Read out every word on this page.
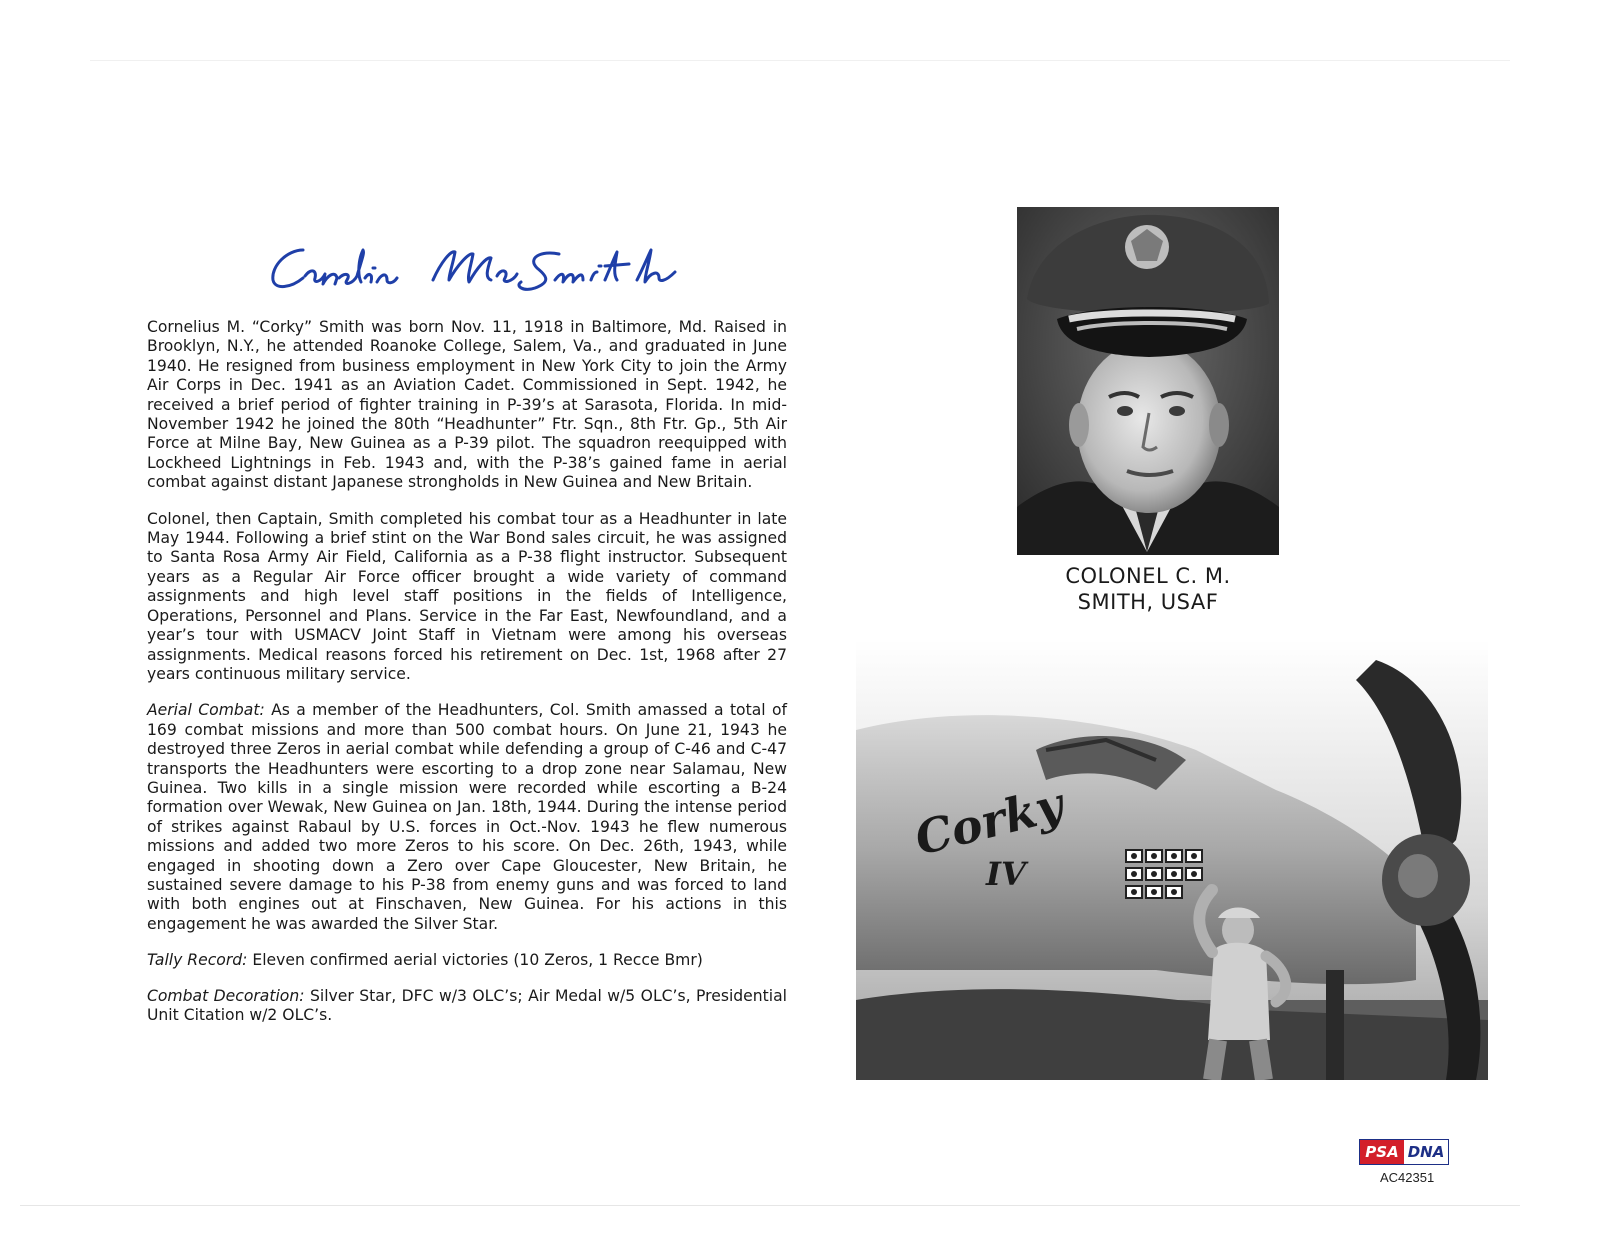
Cornelius M. “Corky” Smith was born Nov. 11, 1918 in Baltimore, Md. Raised in Brooklyn, N.Y., he attended Roanoke College, Salem, Va., and graduated in June 1940. He resigned from business employment in New York City to join the Army Air Corps in Dec. 1941 as an Aviation Cadet. Commissioned in Sept. 1942, he received a brief period of fighter training in P-39’s at Sarasota, Florida. In mid-November 1942 he joined the 80th “Headhunter” Ftr. Sqn., 8th Ftr. Gp., 5th Air Force at Milne Bay, New Guinea as a P-39 pilot. The squadron reequipped with Lockheed Lightnings in Feb. 1943 and, with the P-38’s gained fame in aerial combat against distant Japanese strongholds in New Guinea and New Britain.

Colonel, then Captain, Smith completed his combat tour as a Headhunter in late May 1944. Following a brief stint on the War Bond sales circuit, he was assigned to Santa Rosa Army Air Field, California as a P-38 flight instructor. Subsequent years as a Regular Air Force officer brought a wide variety of command assignments and high level staff positions in the fields of Intelligence, Operations, Personnel and Plans. Service in the Far East, Newfoundland, and a year’s tour with USMACV Joint Staff in Vietnam were among his overseas assignments. Medical reasons forced his retirement on Dec. 1st, 1968 after 27 years continuous military service.

Aerial Combat: As a member of the Headhunters, Col. Smith amassed a total of 169 combat missions and more than 500 combat hours. On June 21, 1943 he destroyed three Zeros in aerial combat while defending a group of C-46 and C-47 transports the Headhunters were escorting to a drop zone near Salamau, New Guinea. Two kills in a single mission were recorded while escorting a B-24 formation over Wewak, New Guinea on Jan. 18th, 1944. During the intense period of strikes against Rabaul by U.S. forces in Oct.-Nov. 1943 he flew numerous missions and added two more Zeros to his score. On Dec. 26th, 1943, while engaged in shooting down a Zero over Cape Gloucester, New Britain, he sustained severe damage to his P-38 from enemy guns and was forced to land with both engines out at Finschaven, New Guinea. For his actions in this engagement he was awarded the Silver Star.

Tally Record: Eleven confirmed aerial victories (10 Zeros, 1 Recce Bmr)

Combat Decoration: Silver Star, DFC w/3 OLC’s; Air Medal w/5 OLC’s, Presidential Unit Citation w/2 OLC’s.

COLONEL C. M.
SMITH, USAF
Corky
IV
PSA DNA
AC42351
